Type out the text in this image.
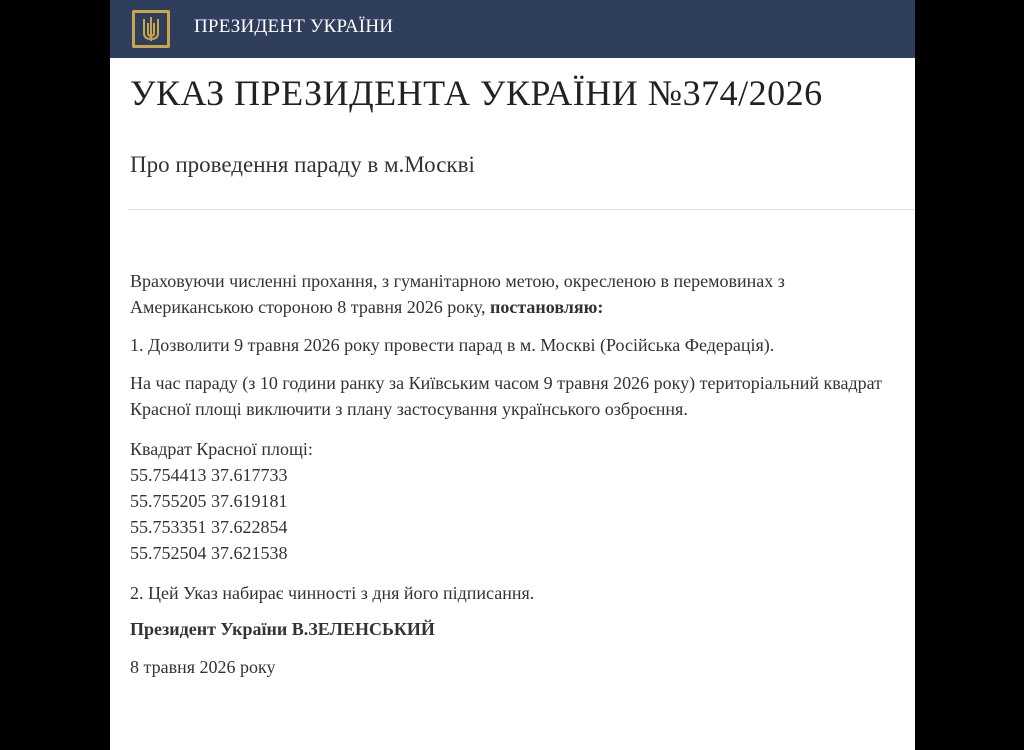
ПРЕЗИДЕНТ УКРАЇНИ
УКАЗ ПРЕЗИДЕНТА УКРАЇНИ №374/2026
Про проведення параду в м.Москві

Враховуючи численні прохання, з гуманітарною метою, окресленою в перемовинах з Американською стороною 8 травня 2026 року, постановляю:

1. Дозволити 9 травня 2026 року провести парад в м. Москві (Російська Федерація).

На час параду (з 10 години ранку за Київським часом 9 травня 2026 року) територіальний квадрат Красної площі виключити з плану застосування українського озброєння.

Квадрат Красної площі:
55.754413 37.617733
55.755205 37.619181
55.753351 37.622854
55.752504 37.621538

2. Цей Указ набирає чинності з дня його підписання.

Президент України В.ЗЕЛЕНСЬКИЙ

8 травня 2026 року
